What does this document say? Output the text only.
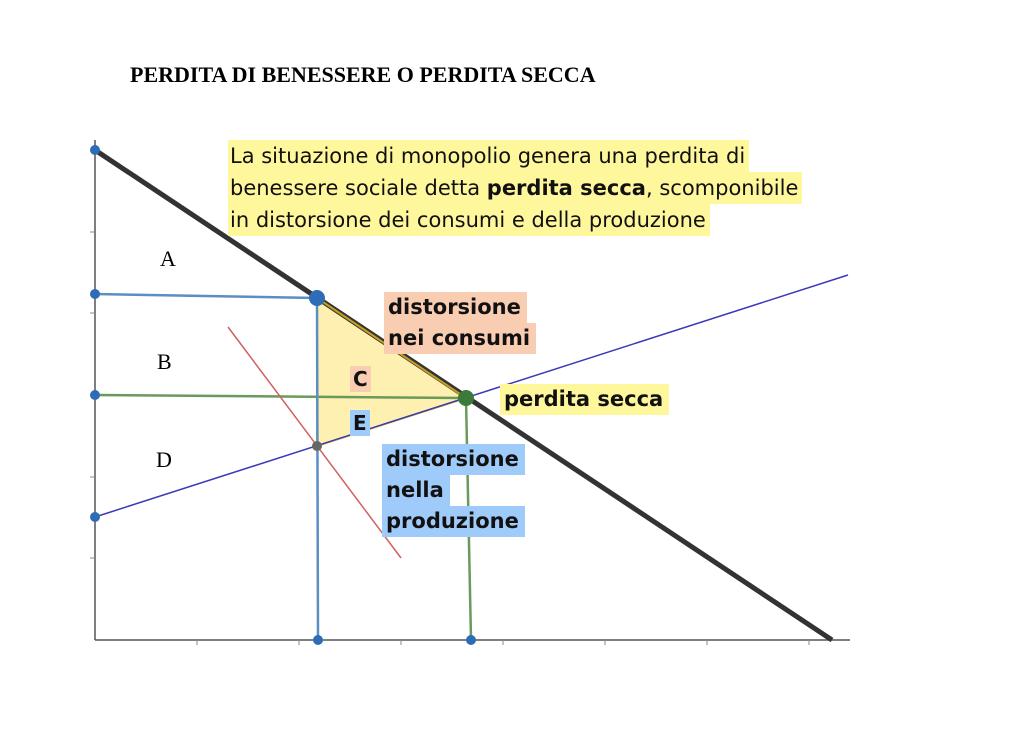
PERDITA DI BENESSERE O PERDITA SECCA
La situazione di monopolio genera una perdita di
benessere sociale detta perdita secca, scomponibile
in distorsione dei consumi e della produzione
A
B
D
C
E
distorsione
nei consumi
perdita secca
distorsione
nella
produzione
